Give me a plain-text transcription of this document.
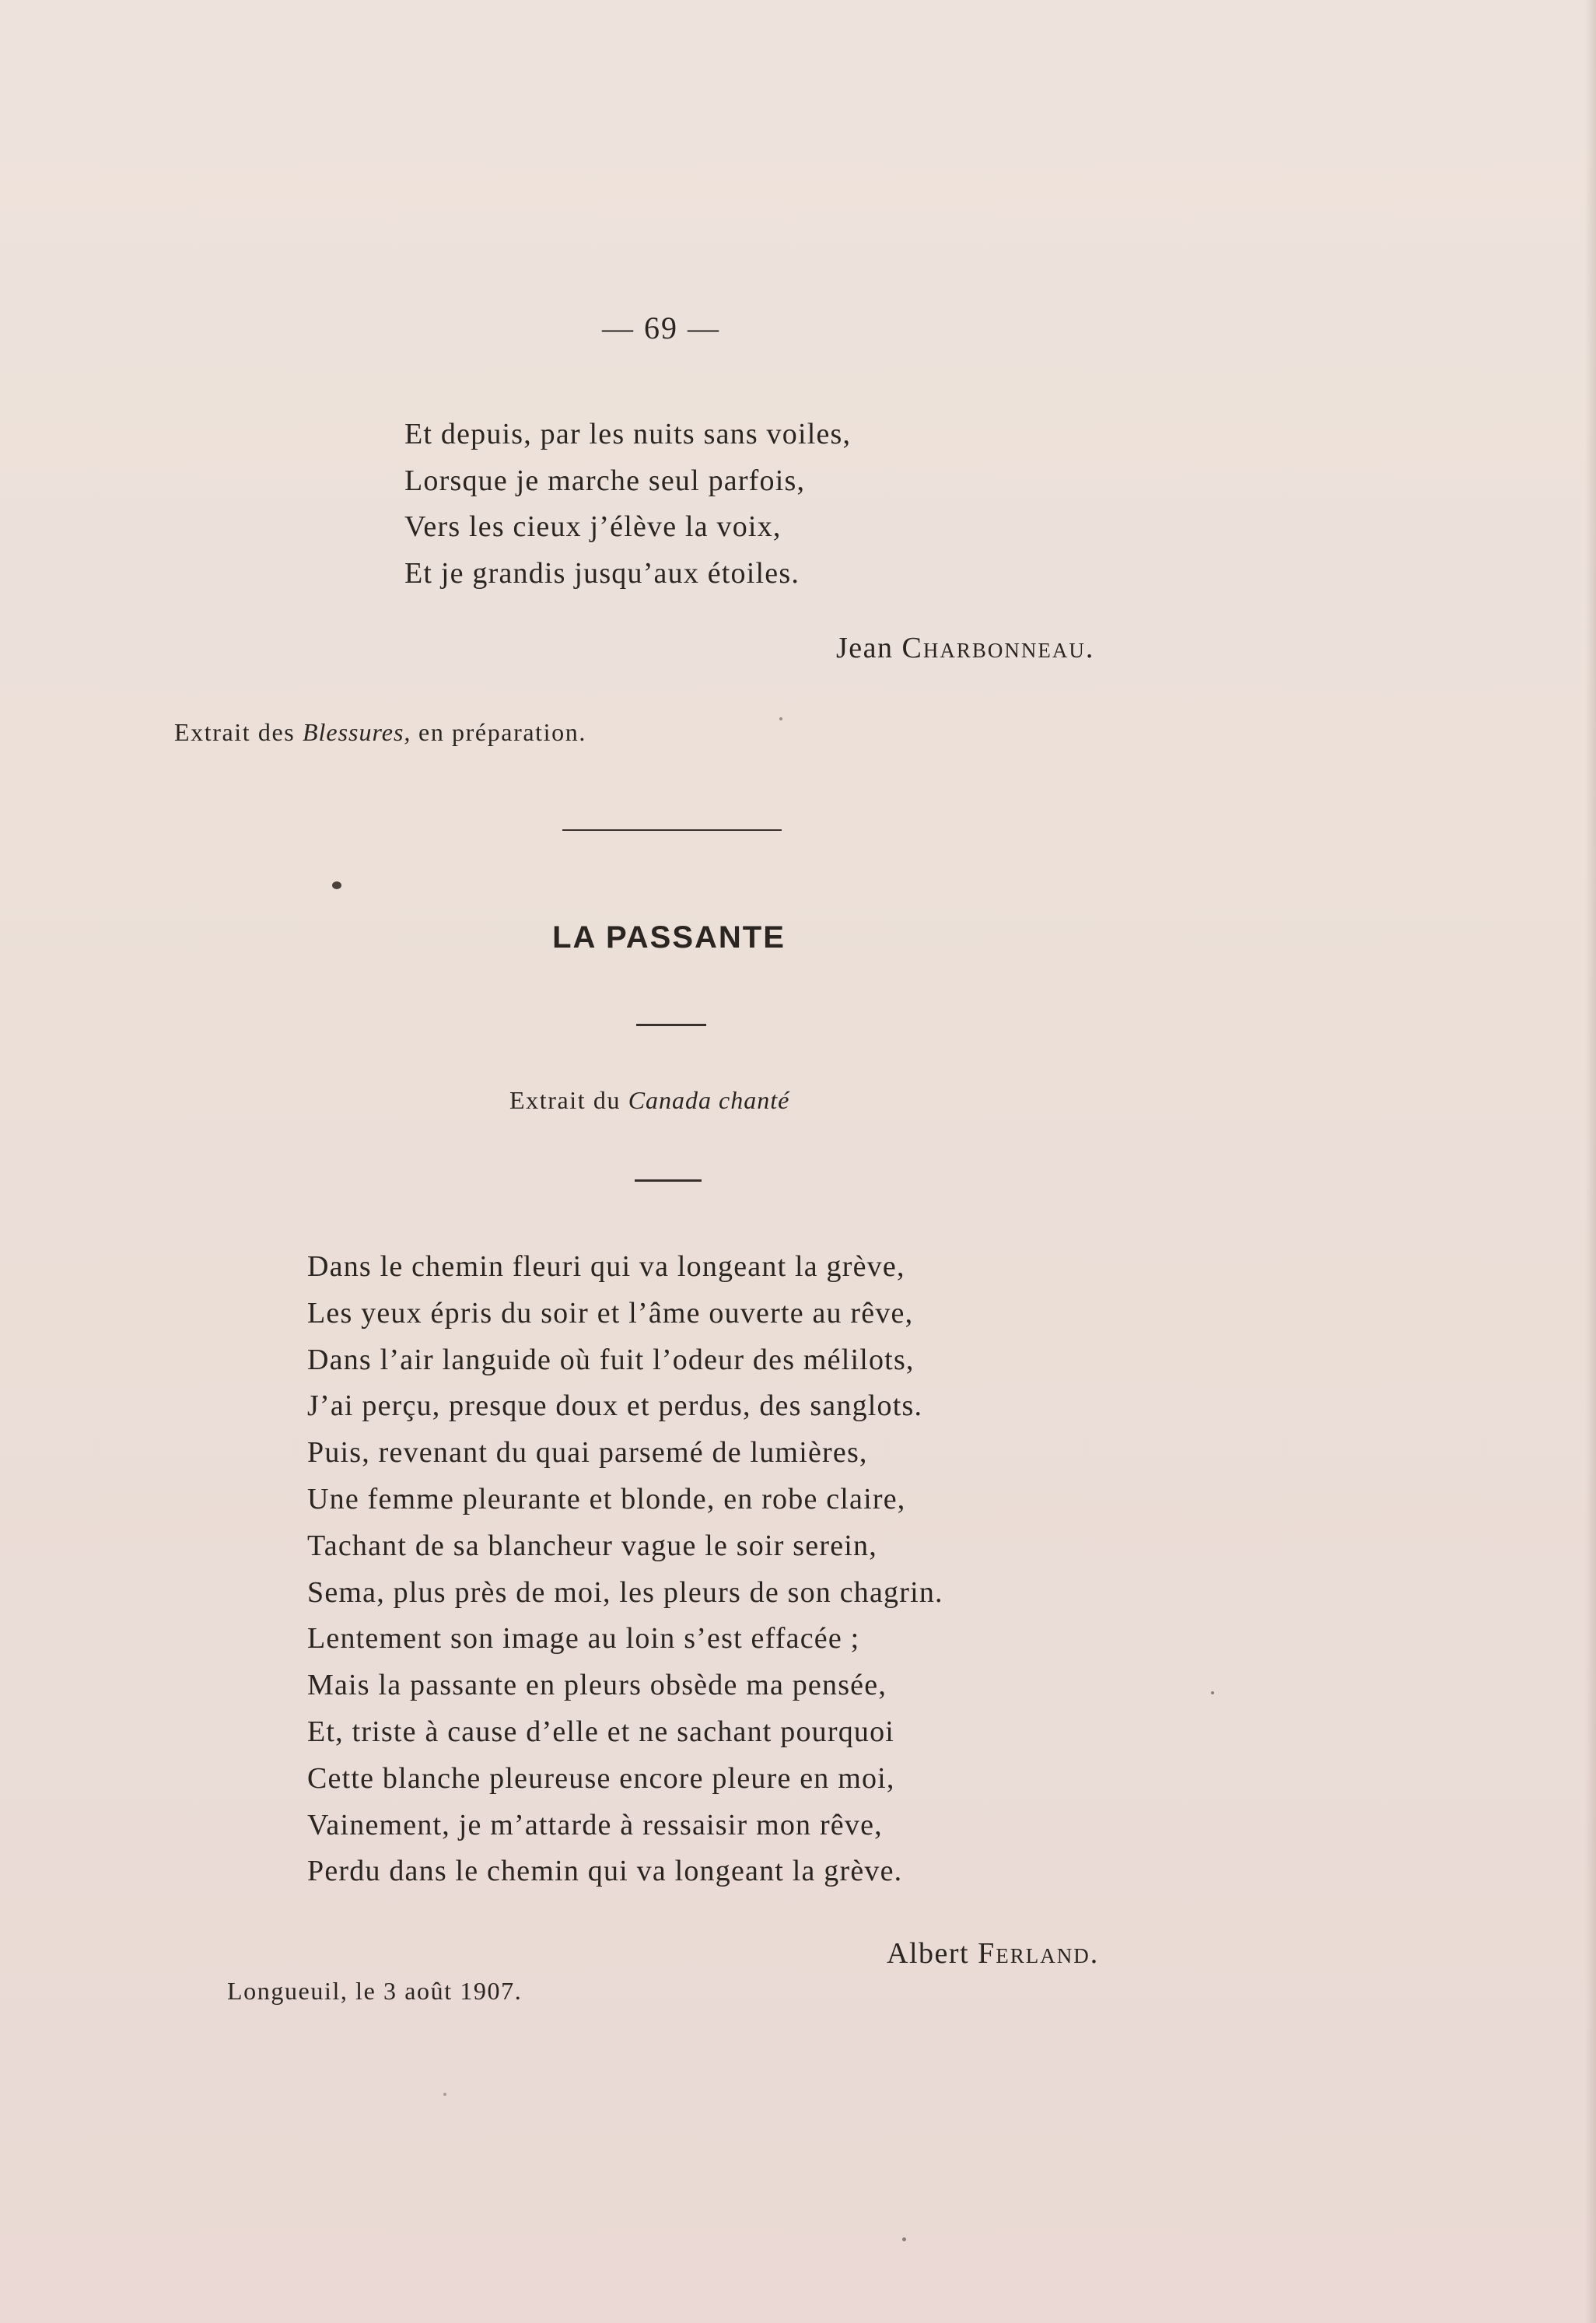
— 69 —
Et depuis, par les nuits sans voiles,
Lorsque je marche seul parfois,
Vers les cieux j’élève la voix,
Et je grandis jusqu’aux étoiles.
Jean Charbonneau.
Extrait des Blessures, en préparation.
LA PASSANTE
Extrait du Canada chanté
Dans le chemin fleuri qui va longeant la grève,
Les yeux épris du soir et l’âme ouverte au rêve,
Dans l’air languide où fuit l’odeur des mélilots,
J’ai perçu, presque doux et perdus, des sanglots.
Puis, revenant du quai parsemé de lumières,
Une femme pleurante et blonde, en robe claire,
Tachant de sa blancheur vague le soir serein,
Sema, plus près de moi, les pleurs de son chagrin.
Lentement son image au loin s’est effacée ;
Mais la passante en pleurs obsède ma pensée,
Et, triste à cause d’elle et ne sachant pourquoi
Cette blanche pleureuse encore pleure en moi,
Vainement, je m’attarde à ressaisir mon rêve,
Perdu dans le chemin qui va longeant la grève.
Albert Ferland.
Longueuil, le 3 août 1907.
